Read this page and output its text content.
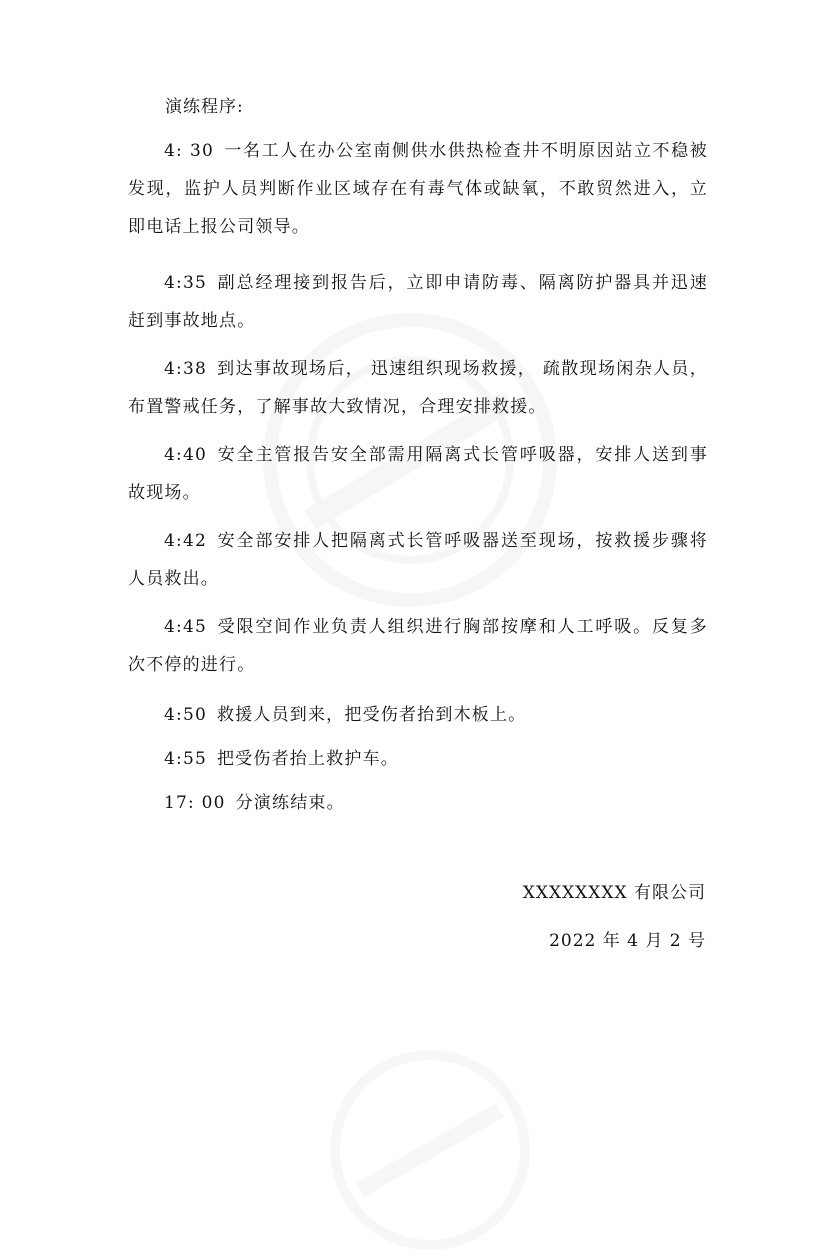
演练程序:
4: 30 一名工人在办公室南侧供水供热检查井不明原因站立不稳被发现，监护人员判断作业区域存在有毒气体或缺氧，不敢贸然进入，立即电话上报公司领导。
4:35 副总经理接到报告后，立即申请防毒、隔离防护器具并迅速赶到事故地点。
4:38 到达事故现场后， 迅速组织现场救援， 疏散现场闲杂人员，布置警戒任务，了解事故大致情况，合理安排救援。
4:40 安全主管报告安全部需用隔离式长管呼吸器，安排人送到事故现场。
4:42 安全部安排人把隔离式长管呼吸器送至现场，按救援步骤将人员救出。
4:45 受限空间作业负责人组织进行胸部按摩和人工呼吸。反复多次不停的进行。
4:50 救援人员到来，把受伤者抬到木板上。
4:55 把受伤者抬上救护车。
17: 00 分演练结束。
XXXXXXXX 有限公司
2022 年 4 月 2 号
